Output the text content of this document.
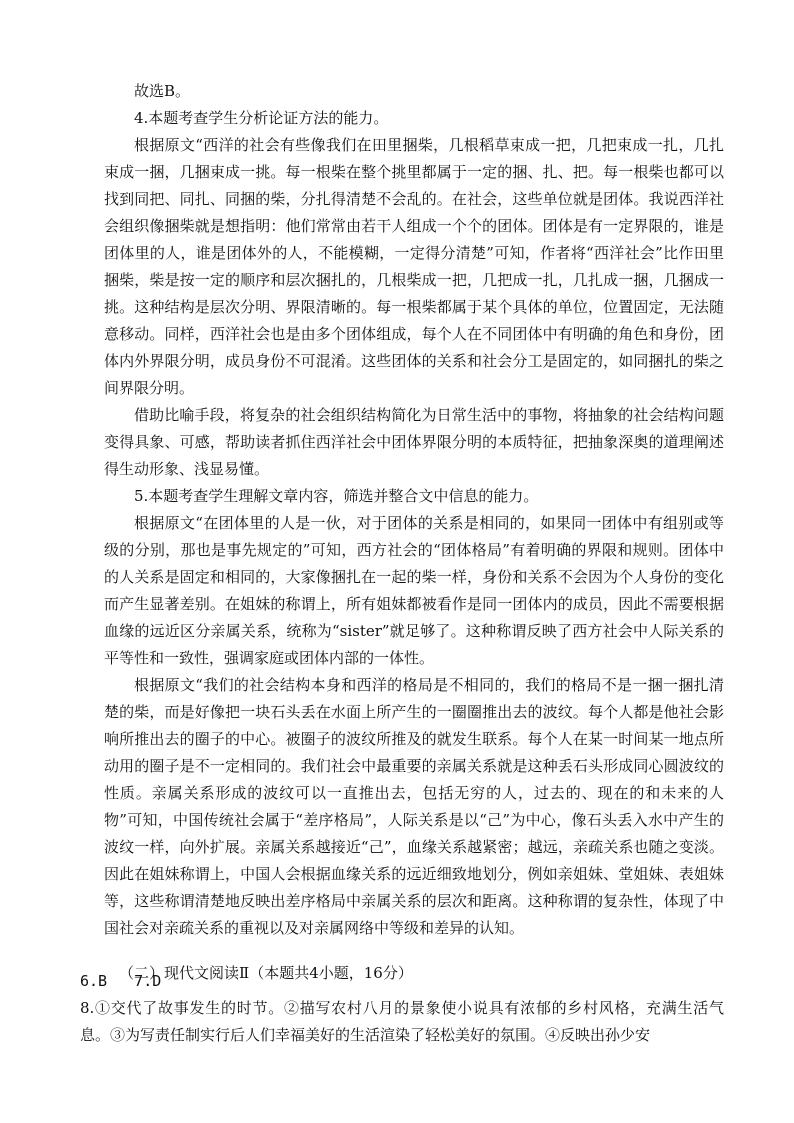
故选B。

4.本题考查学生分析论证方法的能力。

根据原文“西洋的社会有些像我们在田里捆柴，几根稻草束成一把，几把束成一扎，几扎束成一捆，几捆束成一挑。每一根柴在整个挑里都属于一定的捆、扎、把。每一根柴也都可以找到同把、同扎、同捆的柴，分扎得清楚不会乱的。在社会，这些单位就是团体。我说西洋社会组织像捆柴就是想指明：他们常常由若干人组成一个个的团体。团体是有一定界限的，谁是团体里的人，谁是团体外的人，不能模糊，一定得分清楚”可知，作者将“西洋社会”比作田里捆柴，柴是按一定的顺序和层次捆扎的，几根柴成一把，几把成一扎，几扎成一捆，几捆成一挑。这种结构是层次分明、界限清晰的。每一根柴都属于某个具体的单位，位置固定，无法随意移动。同样，西洋社会也是由多个团体组成，每个人在不同团体中有明确的角色和身份，团体内外界限分明，成员身份不可混淆。这些团体的关系和社会分工是固定的，如同捆扎的柴之间界限分明。

借助比喻手段，将复杂的社会组织结构简化为日常生活中的事物，将抽象的社会结构问题变得具象、可感，帮助读者抓住西洋社会中团体界限分明的本质特征，把抽象深奥的道理阐述得生动形象、浅显易懂。

5.本题考查学生理解文章内容，筛选并整合文中信息的能力。

根据原文“在团体里的人是一伙，对于团体的关系是相同的，如果同一团体中有组别或等级的分别，那也是事先规定的”可知，西方社会的“团体格局”有着明确的界限和规则。团体中的人关系是固定和相同的，大家像捆扎在一起的柴一样，身份和关系不会因为个人身份的变化而产生显著差别。在姐妹的称谓上，所有姐妹都被看作是同一团体内的成员，因此不需要根据血缘的远近区分亲属关系，统称为“sister”就足够了。这种称谓反映了西方社会中人际关系的平等性和一致性，强调家庭或团体内部的一体性。

根据原文“我们的社会结构本身和西洋的格局是不相同的，我们的格局不是一捆一捆扎清楚的柴，而是好像把一块石头丢在水面上所产生的一圈圈推出去的波纹。每个人都是他社会影响所推出去的圈子的中心。被圈子的波纹所推及的就发生联系。每个人在某一时间某一地点所动用的圈子是不一定相同的。我们社会中最重要的亲属关系就是这种丢石头形成同心圆波纹的性质。亲属关系形成的波纹可以一直推出去，包括无穷的人，过去的、现在的和未来的人物”可知，中国传统社会属于“差序格局”，人际关系是以“己”为中心，像石头丢入水中产生的波纹一样，向外扩展。亲属关系越接近“己”，血缘关系越紧密；越远，亲疏关系也随之变淡。因此在姐妹称谓上，中国人会根据血缘关系的远近细致地划分，例如亲姐妹、堂姐妹、表姐妹等，这些称谓清楚地反映出差序格局中亲属关系的层次和距离。这种称谓的复杂性，体现了中国社会对亲疏关系的重视以及对亲属网络中等级和差异的认知。

（二）现代文阅读Ⅱ（本题共4小题，16分）

6.B   7.D

8.①交代了故事发生的时节。②描写农村八月的景象使小说具有浓郁的乡村风格，充满生活气息。③为写责任制实行后人们幸福美好的生活渲染了轻松美好的氛围。④反映出孙少安
